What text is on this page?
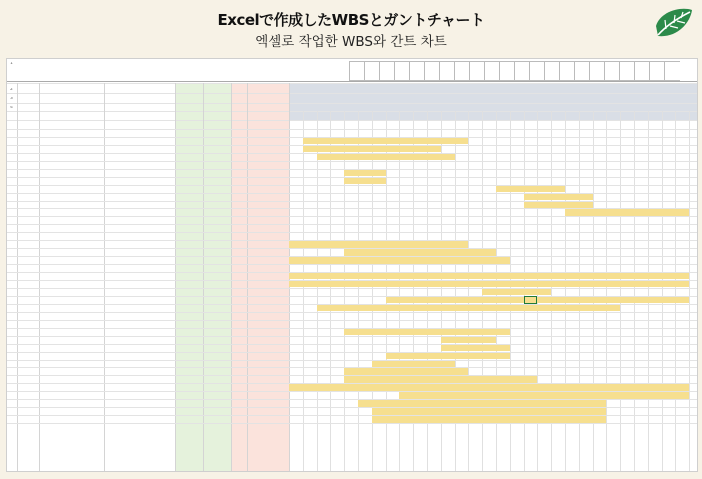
Excelで作成したWBSとガントチャート
엑셀로 작업한 WBS와 간트 차트
1
2
3
4
